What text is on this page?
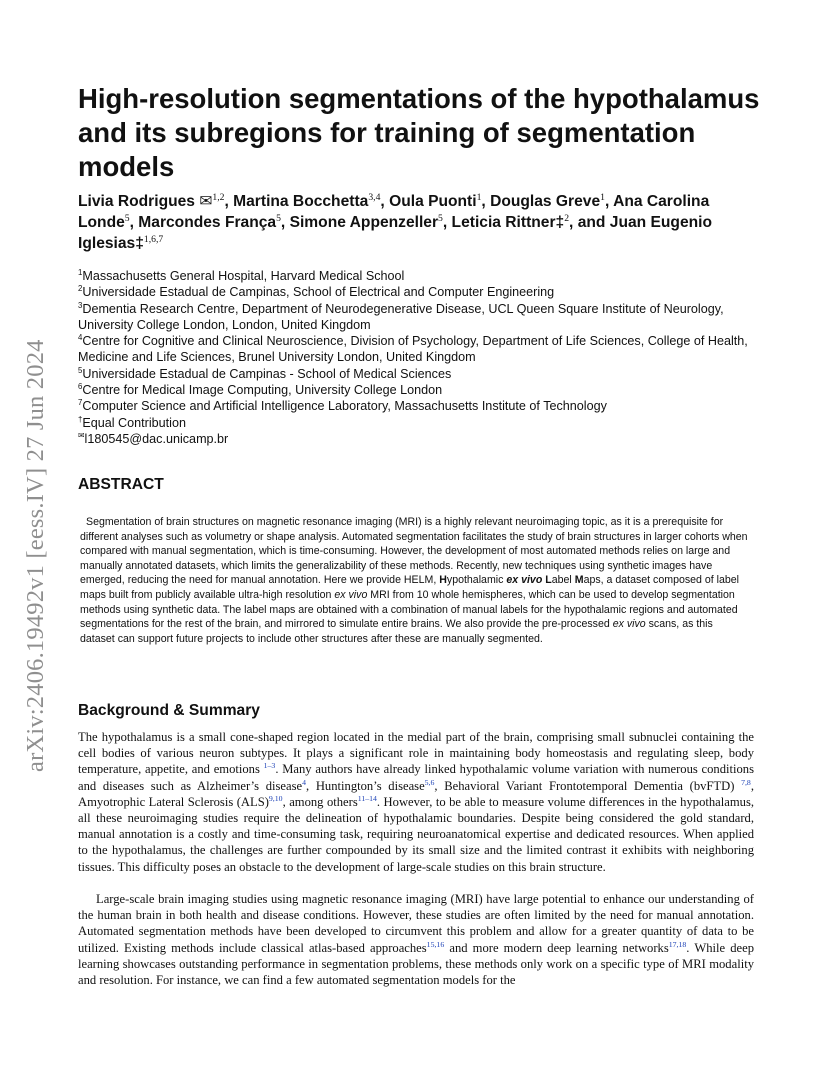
arXiv:2406.19492v1 [eess.IV] 27 Jun 2024
High-resolution segmentations of the hypothalamus and its subregions for training of segmentation models

Livia Rodrigues ✉$^{1,2}$, Martina Bocchetta$^{3,4}$, Oula Puonti$^1$, Douglas Greve$^1$, Ana Carolina Londe$^5$, Marcondes França$^5$, Simone Appenzeller$^5$, Leticia Rittner‡$^2$, and Juan Eugenio Iglesias‡$^{1,6,7}$

$^1$Massachusetts General Hospital, Harvard Medical School
$^2$Universidade Estadual de Campinas, School of Electrical and Computer Engineering
$^3$Dementia Research Centre, Department of Neurodegenerative Disease, UCL Queen Square Institute of Neurology, University College London, London, United Kingdom
$^4$Centre for Cognitive and Clinical Neuroscience, Division of Psychology, Department of Life Sciences, College of Health, Medicine and Life Sciences, Brunel University London, United Kingdom
$^5$Universidade Estadual de Campinas - School of Medical Sciences
$^6$Centre for Medical Image Computing, University College London
$^7$Computer Science and Artificial Intelligence Laboratory, Massachusetts Institute of Technology
†Equal Contribution
✉l180545@dac.unicamp.br
ABSTRACT

Segmentation of brain structures on magnetic resonance imaging (MRI) is a highly relevant neuroimaging topic, as it is a prerequisite for different analyses such as volumetry or shape analysis. Automated segmentation facilitates the study of brain structures in larger cohorts when compared with manual segmentation, which is time-consuming. However, the development of most automated methods relies on large and manually annotated datasets, which limits the generalizability of these methods. Recently, new techniques using synthetic images have emerged, reducing the need for manual annotation. Here we provide HELM, Hypothalamic ex vivo Label Maps, a dataset composed of label maps built from publicly available ultra-high resolution ex vivo MRI from 10 whole hemispheres, which can be used to develop segmentation methods using synthetic data. The label maps are obtained with a combination of manual labels for the hypothalamic regions and automated segmentations for the rest of the brain, and mirrored to simulate entire brains. We also provide the pre-processed ex vivo scans, as this dataset can support future projects to include other structures after these are manually segmented.

Background & Summary

The hypothalamus is a small cone-shaped region located in the medial part of the brain, comprising small subnuclei containing the cell bodies of various neuron subtypes. It plays a significant role in maintaining body homeostasis and regulating sleep, body temperature, appetite, and emotions $^{1-3}$. Many authors have already linked hypothalamic volume variation with numerous conditions and diseases such as Alzheimer’s disease$^4$, Huntington’s disease$^{5,6}$, Behavioral Variant Frontotemporal Dementia (bvFTD) $^{7,8}$, Amyotrophic Lateral Sclerosis (ALS)$^{9,10}$, among others$^{11-14}$. However, to be able to measure volume differences in the hypothalamus, all these neuroimaging studies require the delineation of hypothalamic boundaries. Despite being considered the gold standard, manual annotation is a costly and time-consuming task, requiring neuroanatomical expertise and dedicated resources. When applied to the hypothalamus, the challenges are further compounded by its small size and the limited contrast it exhibits with neighboring tissues. This difficulty poses an obstacle to the development of large-scale studies on this brain structure.

Large-scale brain imaging studies using magnetic resonance imaging (MRI) have large potential to enhance our understanding of the human brain in both health and disease conditions. However, these studies are often limited by the need for manual annotation. Automated segmentation methods have been developed to circumvent this problem and allow for a greater quantity of data to be utilized. Existing methods include classical atlas-based approaches$^{15,16}$ and more modern deep learning networks$^{17,18}$. While deep learning showcases outstanding performance in segmentation problems, these methods only work on a specific type of MRI modality and resolution. For instance, we can find a few automated segmentation models for the
